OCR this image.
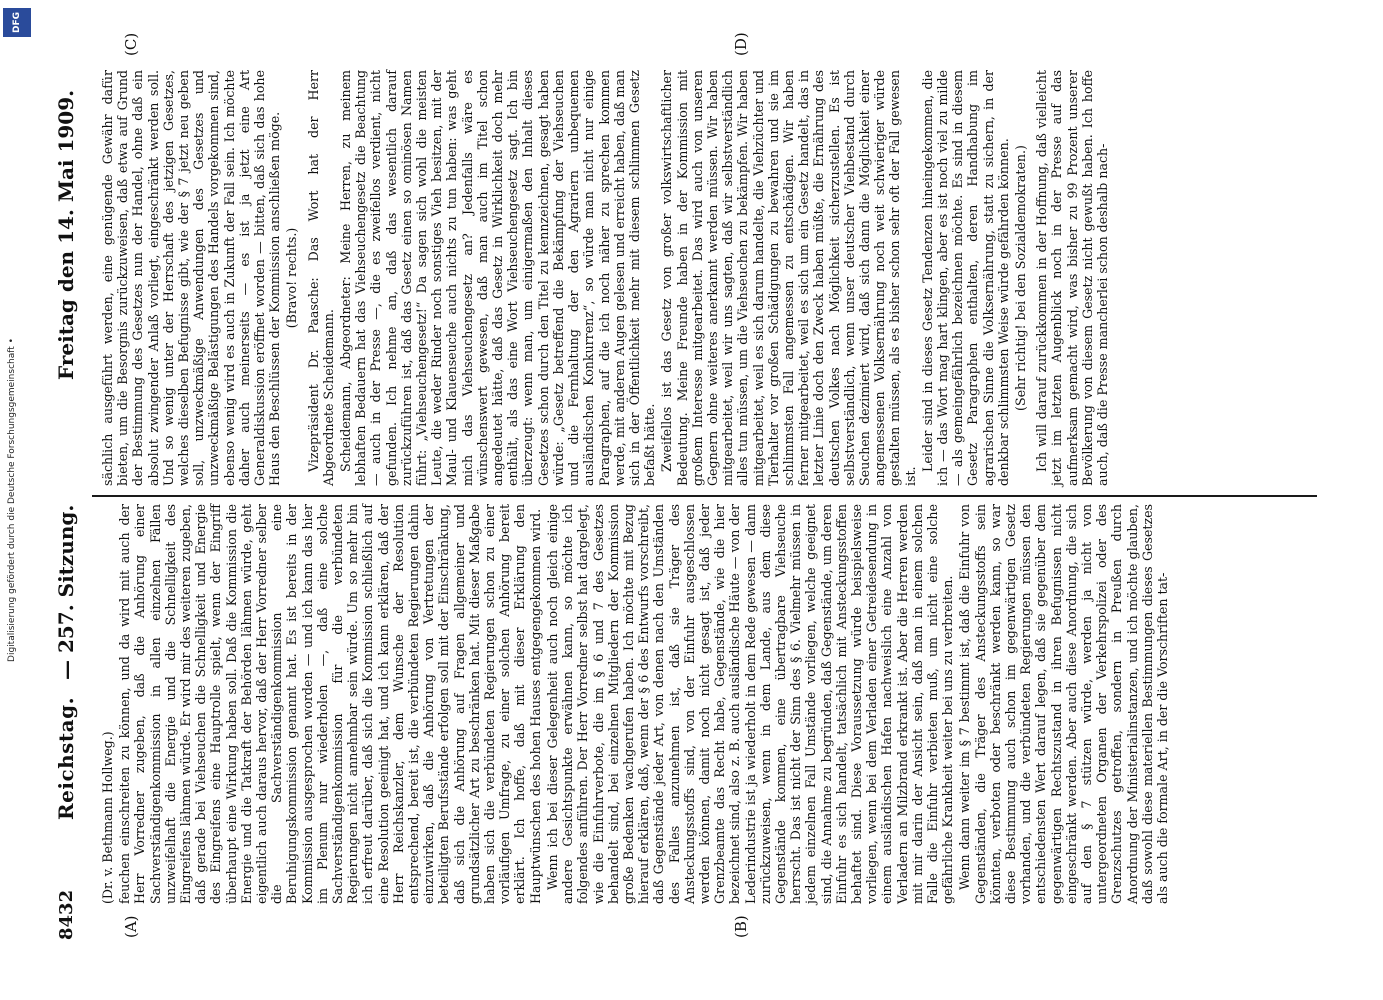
8432
Reichstag.
— 257. Sitzung.
Freitag den 14. Mai 1909.
(A)	(B)
(C)	(D)

(Dr. v. Bethmann Hollweg.) feuchen einschreiten zu können, und da wird mit auch der Herr Vorredner zugeben, daß die Anhörung einer Sachverständigenkommission in allen einzelnen Fällen unzweifelhaft die Energie und die Schnelligkeit des Eingreifens lähmen würde. Er wird mir des weiteren zugeben, daß gerade bei Viehseuchen die Schnelligkeit und Energie des Eingreifens eine Hauptrolle spielt, wenn der Eingriff überhaupt eine Wirkung haben soll. Daß die Kommission die Energie und die Tatkraft der Behörden lähmen würde, geht eigentlich auch daraus hervor, daß der Herr Vorredner selber die Sachverständigenkommission eine Beruhigungskommission genannt hat. Es ist bereits in der Kommission ausgesprochen worden — und ich kann das hier im Plenum nur wiederholen —, daß eine solche Sachverständigenkommission für die verbündeten Regierungen nicht annehmbar sein würde. Um so mehr bin ich erfreut darüber, daß sich die Kommission schließlich auf eine Resolution geeinigt hat, und ich kann erklären, daß der Herr Reichskanzler, dem Wunsche der Resolution entsprechend, bereit ist, die verbündeten Regierungen dahin einzuwirken, daß die Anhörung von Vertretungen der beteiligten Berufsstände erfolgen soll mit der Einschränkung, daß sich die Anhörung auf Fragen allgemeiner und grundsätzlicher Art zu beschränken hat. Mit dieser Maßgabe haben sich die verbündeten Regierungen schon zu einer vorläufigen Umfrage, zu einer solchen Anhörung bereit erklärt. Ich hoffe, daß mit dieser Erklärung den Hauptwünschen des hohen Hauses entgegengekommen wird. Wenn ich bei dieser Gelegenheit auch noch gleich einige andere Gesichtspunkte erwähnen kann, so möchte ich folgendes anführen. Der Herr Vorredner selbst hat dargelegt, wie die Einfuhrverbote, die im § 6 und 7 des Gesetzes behandelt sind, bei einzelnen Mitgliedern der Kommission große Bedenken wachgerufen haben. Ich möchte mit Bezug hierauf erklären, daß, wenn der § 6 des Entwurfs vorschreibt, daß Gegenstände jeder Art, von denen nach den Umständen des Falles anzunehmen ist, daß sie Träger des Ansteckungsstoffs sind, von der Einfuhr ausgeschlossen werden können, damit noch nicht gesagt ist, daß jeder Grenzbeamte das Recht habe, Gegenstände, wie die hier bezeichnet sind, also z. B. auch ausländische Häute — von der Lederindustrie ist ja wiederholt in dem Rede gewesen — dann zurückzuweisen, wenn in dem Lande, aus dem diese Gegenstände kommen, eine übertragbare Viehseuche herrscht. Das ist nicht der Sinn des § 6. Vielmehr müssen in jedem einzelnen Fall Umstände vorliegen, welche geeignet sind, die Annahme zu begründen, daß Gegenstände, um deren Einfuhr es sich handelt, tatsächlich mit Ansteckungsstoffen behaftet sind. Diese Voraussetzung würde beispielsweise vorliegen, wenn bei dem Verladen einer Getreidesendung in einem ausländischen Hafen nachweislich eine Anzahl von Verladern an Milzbrand erkrankt ist. Aber die Herren werden mit mir darin der Ansicht sein, daß man in einem solchen Falle die Einfuhr verbieten muß, um nicht eine solche gefährliche Krankheit weiter bei uns zu verbreiten. Wenn dann weiter im § 7 bestimmt ist, daß die Einfuhr von Gegenständen, die Träger des Ansteckungsstoffs sein könnten, verboten oder beschränkt werden kann, so war diese Bestimmung auch schon im gegenwärtigen Gesetz vorhanden, und die verbündeten Regierungen müssen den entschiedensten Wert darauf legen, daß sie gegenüber dem gegenwärtigen Rechtszustand in ihren Befugnissen nicht eingeschränkt werden. Aber auch diese Anordnung, die sich auf den § 7 stützen würde, werden ja nicht von untergeordneten Organen der Verkehrspolizei oder des Grenzschutzes getroffen, sondern in Preußen durch Anordnung der Ministerialinstanzen, und ich möchte glauben, daß sowohl diese materiellen Bestimmungen dieses Gesetzes als auch die formale Art, in der die Vorschriften tat-

sächlich ausgeführt werden, eine genügende Gewähr dafür bieten, um die Besorgnis zurückzuweisen, daß etwa auf Grund der Bestimmung des Gesetzes nun der Handel, ohne daß ein absolut zwingender Anlaß vorliegt, eingeschränkt werden soll. Und so wenig unter der Herrschaft des jetzigen Gesetzes, welches dieselben Befugnisse gibt, wie der § 7 jetzt neu geben soll, unzweckmäßige Anwendungen des Gesetzes und unzweckmäßige Belästigungen des Handels vorgekommen sind, ebenso wenig wird es auch in Zukunft der Fall sein. Ich möchte daher auch meinerseits — es ist ja jetzt eine Art Generaldiskussion eröffnet worden — bitten, daß sich das hohe Haus den Beschlüssen der Kommission anschließen möge. (Bravo! rechts.) Vizepräsident Dr. Paasche: Das Wort hat der Herr Abgeordnete Scheidemann. Scheidemann, Abgeordneter: Meine Herren, zu meinem lebhaften Bedauern hat das Viehseuchengesetz die Beachtung — auch in der Presse —, die es zweifellos verdient, nicht gefunden. Ich nehme an, daß das wesentlich darauf zurückzuführen ist, daß das Gesetz einen so ominösen Namen führt: „Viehseuchengesetz!“ Da sagen sich wohl die meisten Leute, die weder Rinder noch sonstiges Vieh besitzen, mit der Maul- und Klauenseuche auch nichts zu tun haben: was geht mich das Viehseuchengesetz an? Jedenfalls wäre es wünschenswert gewesen, daß man auch im Titel schon angedeutet hätte, daß das Gesetz in Wirklichkeit doch mehr enthält, als das eine Wort Viehseuchengesetz sagt. Ich bin überzeugt: wenn man, um einigermaßen den Inhalt dieses Gesetzes schon durch den Titel zu kennzeichnen, gesagt haben würde: „Gesetz betreffend die Bekämpfung der Viehseuchen und die Fernhaltung der den Agrariern unbequemen ausländischen Konkurrenz“, so würde man nicht nur einige Paragraphen, auf die ich noch näher zu sprechen kommen werde, mit anderen Augen gelesen und erreicht haben, daß man sich in der Öffentlichkeit mehr mit diesem schlimmen Gesetz befaßt hätte. Zweifellos ist das Gesetz von großer volkswirtschaftlicher Bedeutung. Meine Freunde haben in der Kommission mit großem Interesse mitgearbeitet. Das wird auch von unseren Gegnern ohne weiteres anerkannt werden müssen. Wir haben mitgearbeitet, weil wir uns sagten, daß wir selbstverständlich alles tun müssen, um die Viehseuchen zu bekämpfen. Wir haben mitgearbeitet, weil es sich darum handelte, die Viehzüchter und Tierhalter vor großen Schädigungen zu bewahren und sie im schlimmsten Fall angemessen zu entschädigen. Wir haben ferner mitgearbeitet, weil es sich um ein Gesetz handelt, das in letzter Linie doch den Zweck haben müßte, die Ernährung des deutschen Volkes nach Möglichkeit sicherzustellen. Es ist selbstverständlich, wenn unser deutscher Viehbestand durch Seuchen dezimiert wird, daß sich dann die Möglichkeit einer angemessenen Volksernährung noch weit schwieriger würde gestalten müssen, als es bisher schon sehr oft der Fall gewesen ist.

Leider sind in dieses Gesetz Tendenzen hineingekommen, die ich — das Wort mag hart klingen, aber es ist noch viel zu milde — als gemeingefährlich bezeichnen möchte. Es sind in diesem Gesetz Paragraphen enthalten, deren Handhabung im agrarischen Sinne die Volksernährung, statt zu sichern, in der denkbar schlimmsten Weise würde gefährden können. (Sehr richtig! bei den Sozialdemokraten.) Ich will darauf zurückkommen in der Hoffnung, daß vielleicht jetzt im letzten Augenblick noch in der Presse auf das aufmerksam gemacht wird, was bisher zu 99 Prozent unserer Bevölkerung von diesem Gesetz nicht gewußt haben. Ich hoffe auch, daß die Presse mancherlei schon deshalb nach-

Digitalisierung gefördert durch die Deutsche Forschungsgemeinschaft •
DFG
